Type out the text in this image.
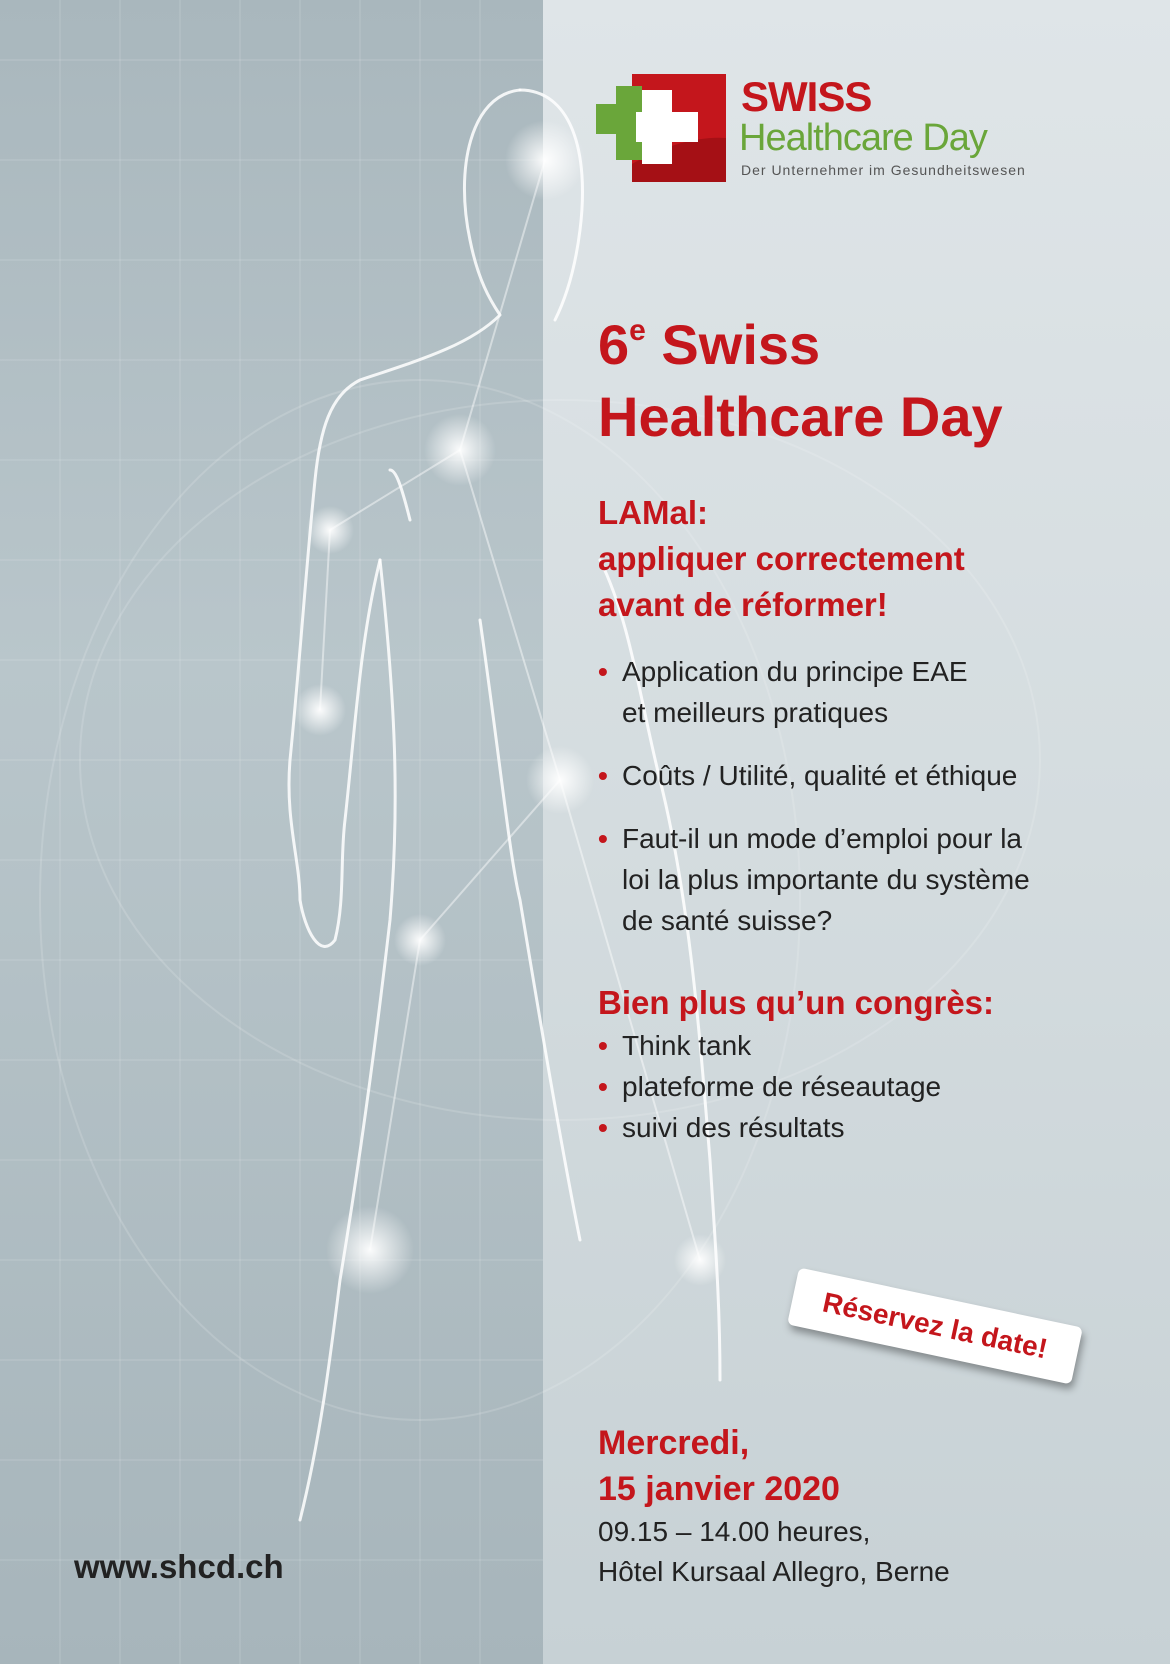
SWISS
Healthcare Day
Der Unternehmer im Gesundheitswesen
6e Swiss
Healthcare Day
LAMal:
appliquer correctement
avant de réformer!
• Application du principe EAE
et meilleurs pratiques
• Coûts / Utilité, qualité et éthique
• Faut-il un mode d’emploi pour la
loi la plus importante du système
de santé suisse?
Bien plus qu’un congrès:
• Think tank
• plateforme de réseautage
• suivi des résultats
Réservez la date!
Mercredi,
15 janvier 2020
09.15 – 14.00 heures,
Hôtel Kursaal Allegro, Berne
www.shcd.ch
